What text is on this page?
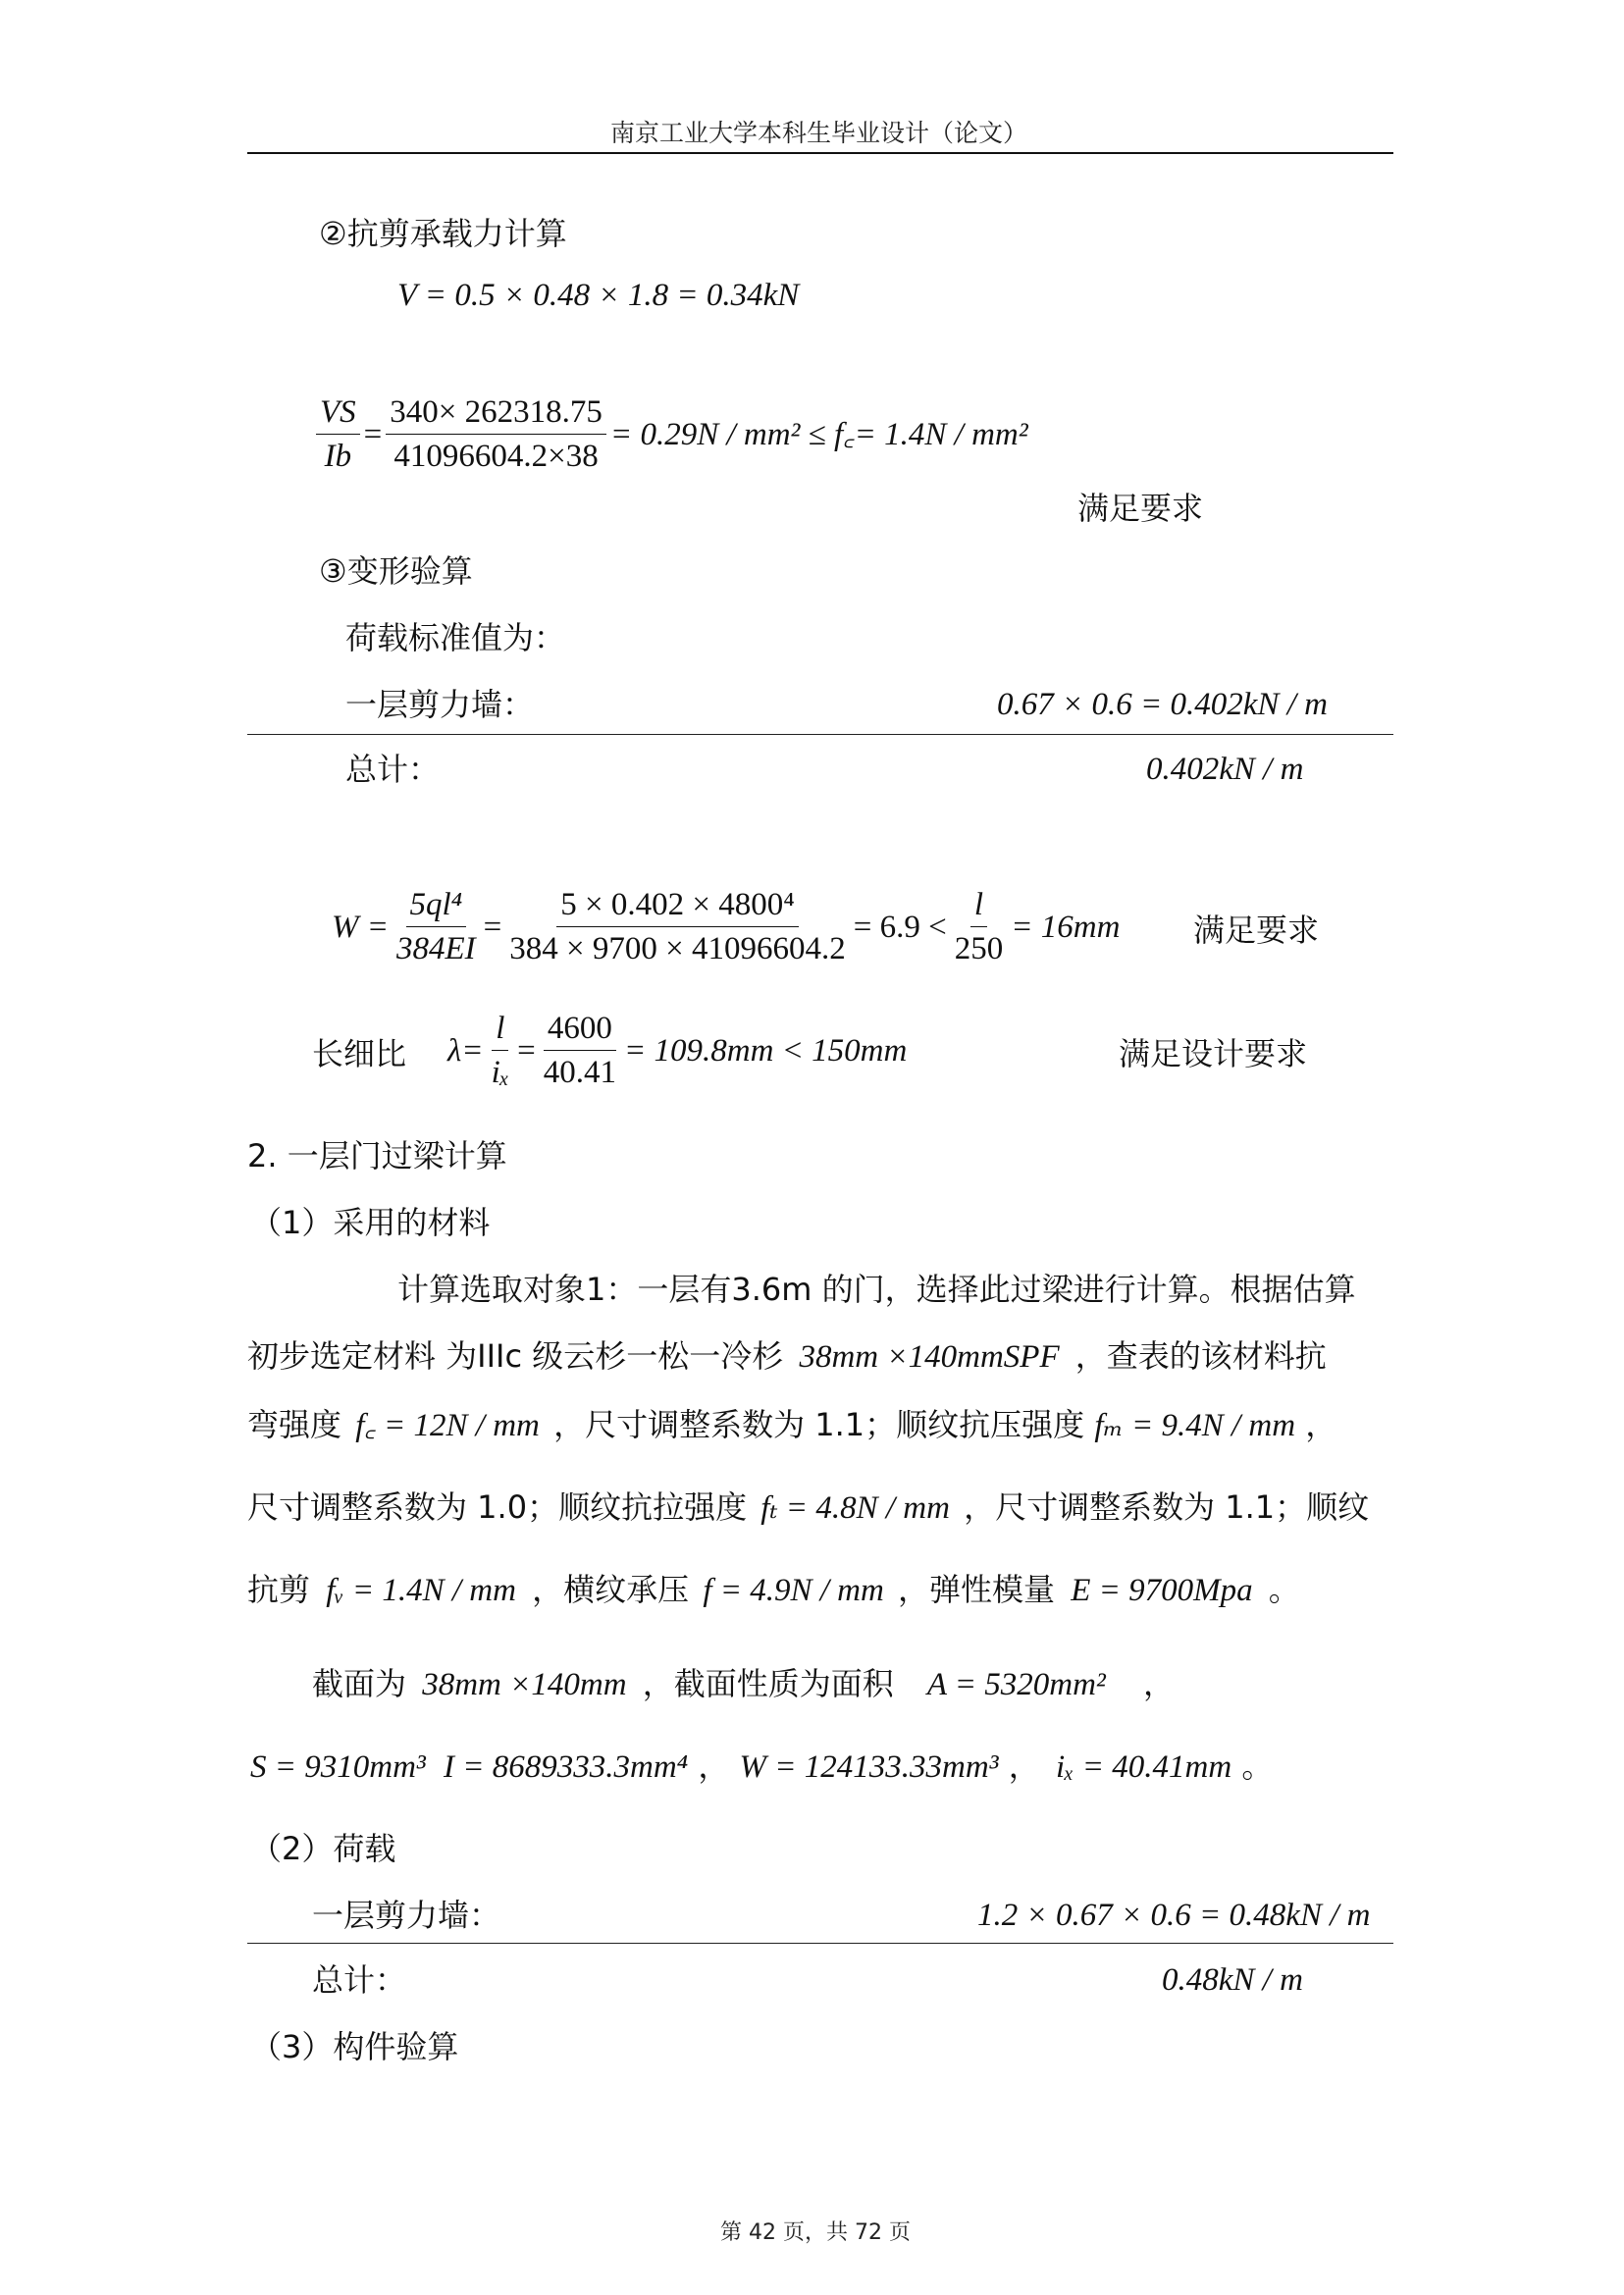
南京工业大学本科生毕业设计（论文）
②抗剪承载力计算
V = 0.5 × 0.48 × 1.8 = 0.34kN
$\frac{VS}{Ib} = \frac{340\times 262318.75}{41096604.2\times 38} = 0.29N / mm^2$ ≤ f꜀= 1.4N / mm²
满足要求
③变形验算
荷载标准值为：
一层剪力墙：	0.67 × 0.6 = 0.402kN / m
总计：	0.402kN / m
$W = \frac{\text{5ql⁴}}{384EI} = \frac{\text{5 × 0.402 × 4800⁴}}{384 \times 9700 \times 41096604.2} = 6.9 < \frac{l}{250} = 16mm$ 满足要求
长细比 $\lambda= \frac{l}{\text{iₓ}} = \frac{4600}{40.41} = 109.8mm < 150mm$	满足设计要求
2. 一层门过梁计算
（1）采用的材料
计算选取对象1：一层有3.6m 的门，选择此过梁进行计算。根据估算
初步选定材料 为IIIc 级云杉一松一冷杉 38mm ×140mmSPF ，查表的该材料抗
弯强度 f꜀ = 12N / mm ，尺寸调整系数为 1.1；顺纹抗压强度 fₘ = 9.4N / mm ，
尺寸调整系数为 1.0；顺纹抗拉强度 fₜ = 4.8N / mm ，尺寸调整系数为 1.1；顺纹
抗剪 fᵥ = 1.4N / mm ，横纹承压 f = 4.9N / mm ，弹性模量 E = 9700Mpa 。
截面为 38mm ×140mm ，截面性质为面积 A = 5320mm² ，
S = 9310mm³ I = 8689333.3mm⁴ ， W = 124133.33mm³ ， iₓ = 40.41mm 。
（2）荷载
一层剪力墙：	1.2 × 0.67 × 0.6 = 0.48kN / m
总计：	0.48kN / m
（3）构件验算
第 42 页，共 72 页
